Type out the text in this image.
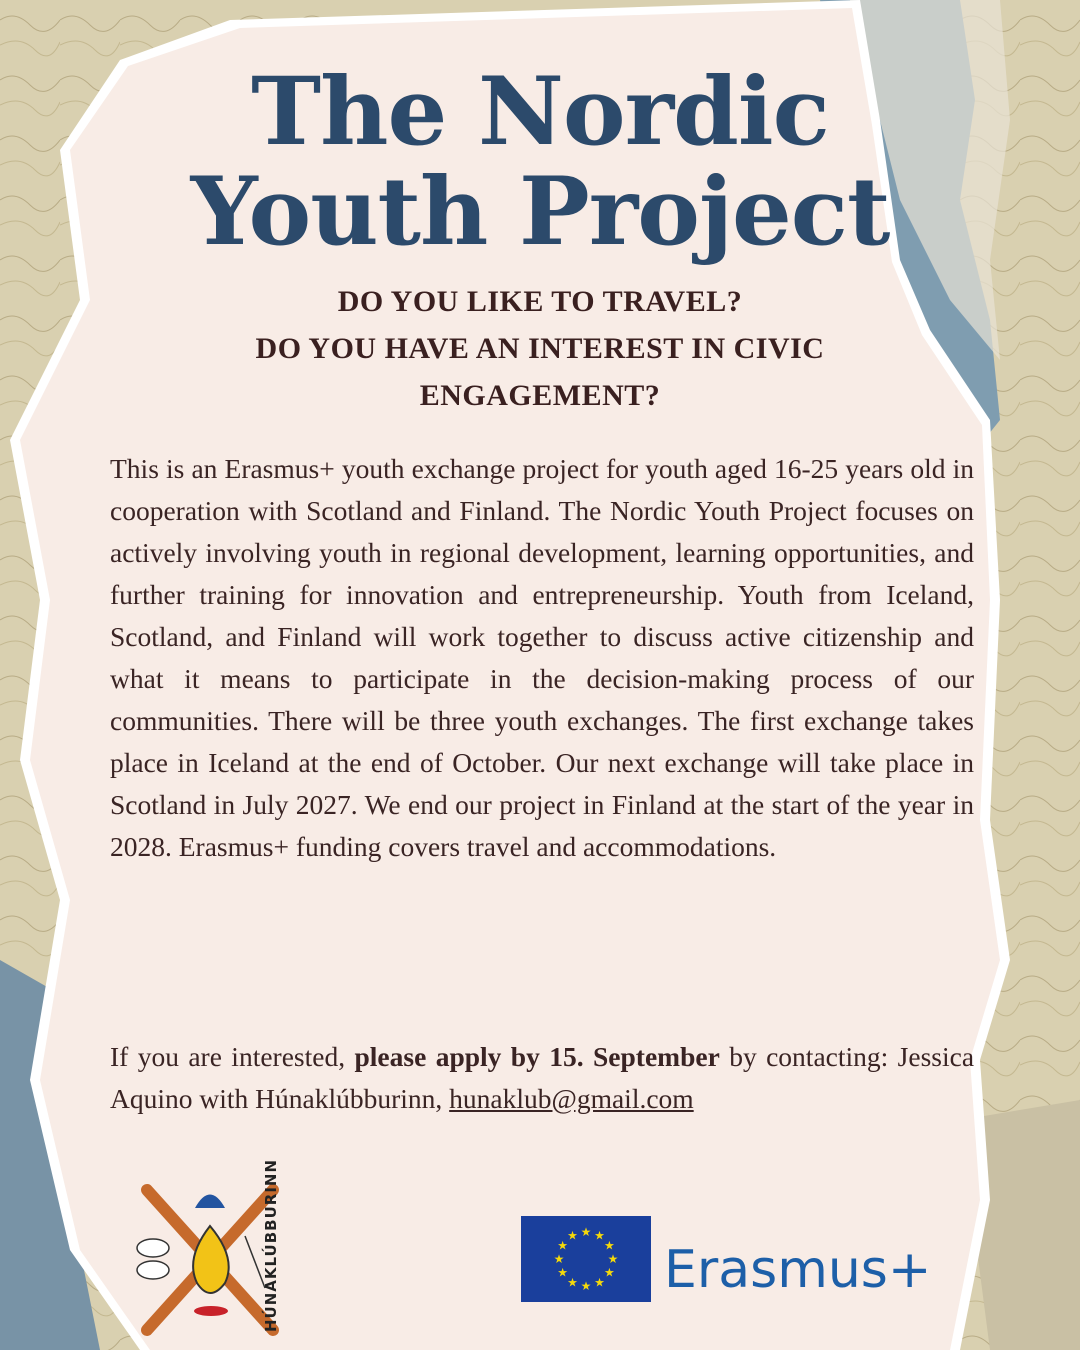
The Nordic
Youth Project
DO YOU LIKE TO TRAVEL?
DO YOU HAVE AN INTEREST IN CIVIC ENGAGEMENT?
This is an Erasmus+ youth exchange project for youth aged 16-25 years old in cooperation with Scotland and Finland. The Nordic Youth Project focuses on actively involving youth in regional development, learning opportunities, and further training for innovation and entrepreneurship. Youth from Iceland, Scotland, and Finland will work together to discuss active citizenship and what it means to participate in the decision-making process of our communities. There will be three youth exchanges. The first exchange takes place in Iceland at the end of October. Our next exchange will take place in Scotland in July 2027. We end our project in Finland at the start of the year in 2028. Erasmus+ funding covers travel and accommodations.
If you are interested, please apply by 15. September by contacting: Jessica Aquino with Húnaklúbburinn, hunaklub@gmail.com
HÚNAKLÚBBURINN	★
★
★
★
★
★
★
★
★ ★ ★
★ Erasmus+
